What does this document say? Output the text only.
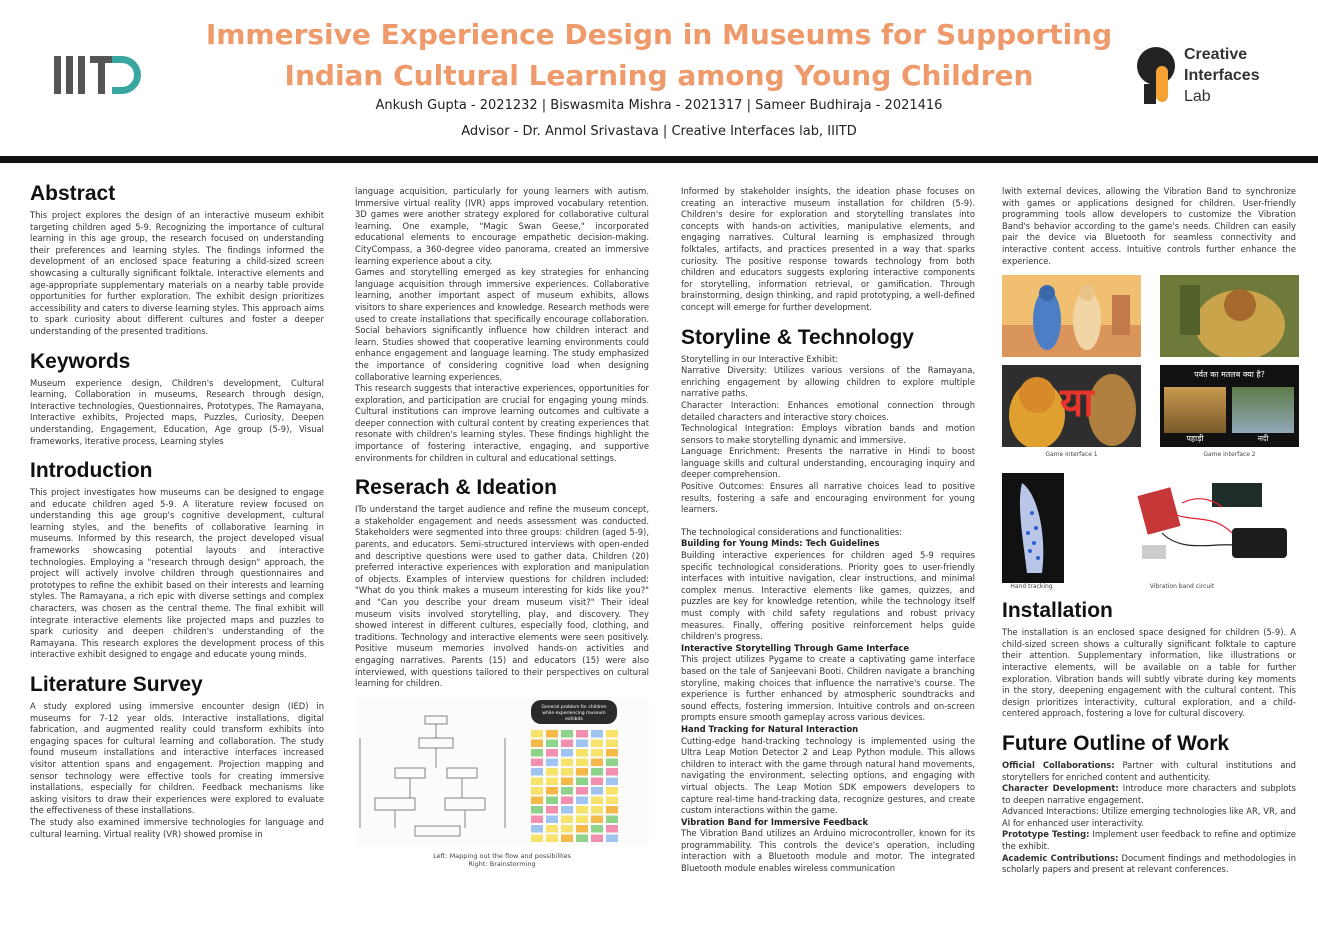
Immersive Experience Design in Museums for Supporting
Indian Cultural Learning among Young Children
Ankush Gupta - 2021232 | Biswasmita Mishra - 2021317 | Sameer Budhiraja - 2021416
Advisor - Dr. Anmol Srivastava | Creative Interfaces lab, IIITD
Creative
Interfaces
Lab
Abstract

This project explores the design of an interactive museum exhibit targeting children aged 5-9. Recognizing the importance of cultural learning in this age group, the research focused on understanding their preferences and learning styles. The findings informed the development of an enclosed space featuring a child-sized screen showcasing a culturally significant folktale. Interactive elements and age-appropriate supplementary materials on a nearby table provide opportunities for further exploration. The exhibit design prioritizes accessibility and caters to diverse learning styles. This approach aims to spark curiosity about different cultures and foster a deeper understanding of the presented traditions.

Keywords

Museum experience design, Children's development, Cultural learning, Collaboration in museums, Research through design, Interactive technologies, Questionnaires, Prototypes, The Ramayana, Interactive exhibits, Projected maps, Puzzles, Curiosity, Deepen understanding, Engagement, Education, Age group (5-9), Visual frameworks, Iterative process, Learning styles

Introduction

This project investigates how museums can be designed to engage and educate children aged 5-9. A literature review focused on understanding this age group's cognitive development, cultural learning styles, and the benefits of collaborative learning in museums. Informed by this research, the project developed visual frameworks showcasing potential layouts and interactive technologies. Employing a "research through design" approach, the project will actively involve children through questionnaires and prototypes to refine the exhibit based on their interests and learning styles. The Ramayana, a rich epic with diverse settings and complex characters, was chosen as the central theme. The final exhibit will integrate interactive elements like projected maps and puzzles to spark curiosity and deepen children's understanding of the Ramayana. This research explores the development process of this interactive exhibit designed to engage and educate young minds.

Literature Survey

A study explored using immersive encounter design (IED) in museums for 7-12 year olds. Interactive installations, digital fabrication, and augmented reality could transform exhibits into engaging spaces for cultural learning and collaboration. The study found museum installations and interactive interfaces increased visitor attention spans and engagement. Projection mapping and sensor technology were effective tools for creating immersive installations, especially for children. Feedback mechanisms like asking visitors to draw their experiences were explored to evaluate the effectiveness of these installations.

The study also examined immersive technologies for language and cultural learning. Virtual reality (VR) showed promise in

language acquisition, particularly for young learners with autism. Immersive virtual reality (IVR) apps improved vocabulary retention. 3D games were another strategy explored for collaborative cultural learning. One example, "Magic Swan Geese," incorporated educational elements to encourage empathetic decision-making. CityCompass, a 360-degree video panorama, created an immersive learning experience about a city.

Games and storytelling emerged as key strategies for enhancing language acquisition through immersive experiences. Collaborative learning, another important aspect of museum exhibits, allows visitors to share experiences and knowledge. Research methods were used to create installations that specifically encourage collaboration. Social behaviors significantly influence how children interact and learn. Studies showed that cooperative learning environments could enhance engagement and language learning. The study emphasized the importance of considering cognitive load when designing collaborative learning experiences.

This research suggests that interactive experiences, opportunities for exploration, and participation are crucial for engaging young minds. Cultural institutions can improve learning outcomes and cultivate a deeper connection with cultural content by creating experiences that resonate with children's learning styles. These findings highlight the importance of fostering interactive, engaging, and supportive environments for children in cultural and educational settings.

Reserach & Ideation

ITo understand the target audience and refine the museum concept, a stakeholder engagement and needs assessment was conducted. Stakeholders were segmented into three groups: children (aged 5-9), parents, and educators. Semi-structured interviews with open-ended and descriptive questions were used to gather data. Children (20) preferred interactive experiences with exploration and manipulation of objects. Examples of interview questions for children included: "What do you think makes a museum interesting for kids like you?" and "Can you describe your dream museum visit?" Their ideal museum visits involved storytelling, play, and discovery. They showed interest in different cultures, especially food, clothing, and traditions. Technology and interactive elements were seen positively. Positive museum memories involved hands-on activities and engaging narratives. Parents (15) and educators (15) were also interviewed, with questions tailored to their perspectives on cultural learning for children.

General problem for children while experiencing museum exhibits
Left: Mapping out the flow and possibilites
Right: Brainstorming

Informed by stakeholder insights, the ideation phase focuses on creating an interactive museum installation for children (5-9). Children's desire for exploration and storytelling translates into concepts with hands-on activities, manipulative elements, and engaging narratives. Cultural learning is emphasized through folktales, artifacts, and practices presented in a way that sparks curiosity. The positive response towards technology from both children and educators suggests exploring interactive components for storytelling, information retrieval, or gamification. Through brainstorming, design thinking, and rapid prototyping, a well-defined concept will emerge for further development.

Storyline & Technology

Storytelling in our Interactive Exhibit:

Narrative Diversity: Utilizes various versions of the Ramayana, enriching engagement by allowing children to explore multiple narrative paths.

Character Interaction: Enhances emotional connection through detailed characters and interactive story choices.

Technological Integration: Employs vibration bands and motion sensors to make storytelling dynamic and immersive.

Language Enrichment: Presents the narrative in Hindi to boost language skills and cultural understanding, encouraging inquiry and deeper comprehension.

Positive Outcomes: Ensures all narrative choices lead to positive results, fostering a safe and encouraging environment for young learners.

The technological considerations and functionalities:

Building for Young Minds: Tech Guidelines

Building interactive experiences for children aged 5-9 requires specific technological considerations. Priority goes to user-friendly interfaces with intuitive navigation, clear instructions, and minimal complex menus. Interactive elements like games, quizzes, and puzzles are key for knowledge retention, while the technology itself must comply with child safety regulations and robust privacy measures. Finally, offering positive reinforcement helps guide children's progress.

Interactive Storytelling Through Game Interface

This project utilizes Pygame to create a captivating game interface based on the tale of Sanjeevani Booti. Children navigate a branching storyline, making choices that influence the narrative's course. The experience is further enhanced by atmospheric soundtracks and sound effects, fostering immersion. Intuitive controls and on-screen prompts ensure smooth gameplay across various devices.

Hand Tracking for Natural Interaction

Cutting-edge hand-tracking technology is implemented using the Ultra Leap Motion Detector 2 and Leap Python module. This allows children to interact with the game through natural hand movements, navigating the environment, selecting options, and engaging with virtual objects. The Leap Motion SDK empowers developers to capture real-time hand-tracking data, recognize gestures, and create custom interactions within the game.

Vibration Band for Immersive Feedback

The Vibration Band utilizes an Arduino microcontroller, known for its programmability. This controls the device's operation, including interaction with a Bluetooth module and motor. The integrated Bluetooth module enables wireless communication

lwith external devices, allowing the Vibration Band to synchronize with games or applications designed for children. User-friendly programming tools allow developers to customize the Vibration Band's behavior according to the game's needs. Children can easily pair the device via Bluetooth for seamless connectivity and interactive content access. Intuitive controls further enhance the experience.

या
पर्वत का मतलब क्या है?
पहाड़ी	नदी
Game interface 1	Game interface 2
Hand tracking	Vibration band circuit
Installation

The installation is an enclosed space designed for children (5-9). A child-sized screen shows a culturally significant folktale to capture their attention. Supplementary information, like illustrations or interactive elements, will be available on a table for further exploration. Vibration bands will subtly vibrate during key moments in the story, deepening engagement with the cultural content. This design prioritizes interactivity, cultural exploration, and a child-centered approach, fostering a love for cultural discovery.

Future Outline of Work

Official Collaborations: Partner with cultural institutions and storytellers for enriched content and authenticity.

Character Development: Introduce more characters and subplots to deepen narrative engagement.

Advanced Interactions: Utilize emerging technologies like AR, VR, and AI for enhanced user interactivity.

Prototype Testing: Implement user feedback to refine and optimize the exhibit.

Academic Contributions: Document findings and methodologies in scholarly papers and present at relevant conferences.
